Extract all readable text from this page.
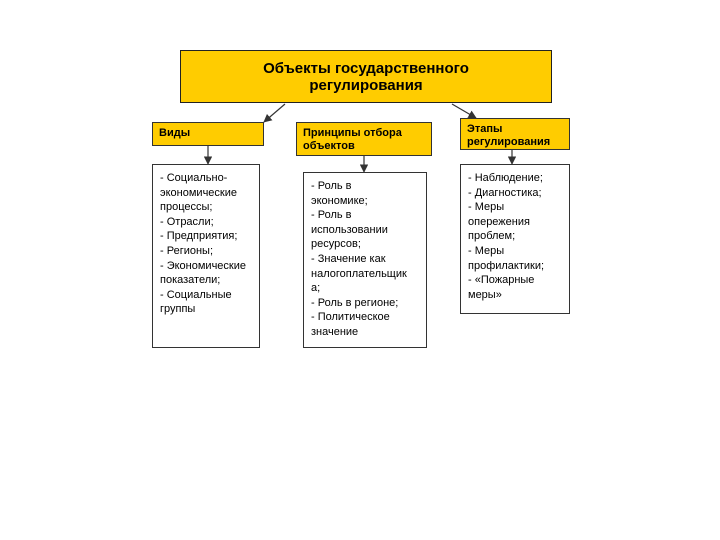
Объекты государственного
регулирования
Виды	Принципы отбора
объектов
Этапы
регулирования
- Социально-
экономические
процессы;
- Отрасли;
- Предприятия;
- Регионы;
- Экономические
показатели;
- Социальные
группы
- Роль в
экономике;
- Роль в
использовании
ресурсов;
- Значение как
налогоплательщик
а;
- Роль в регионе;
- Политическое
значение
- Наблюдение;
- Диагностика;
- Меры
опережения
проблем;
- Меры
профилактики;
- «Пожарные
меры»
